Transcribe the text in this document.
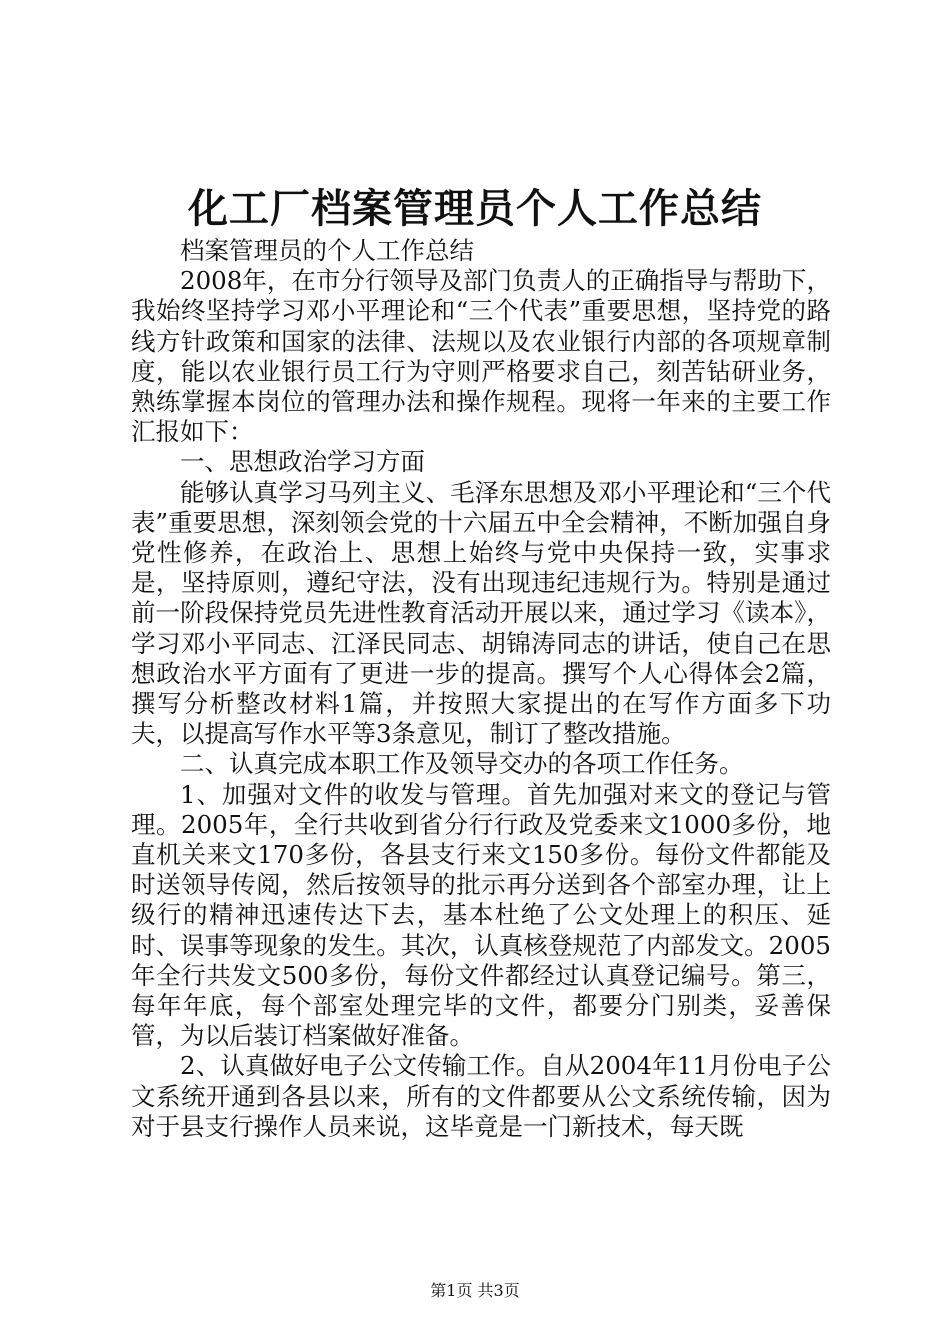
化工厂档案管理员个人工作总结

档案管理员的个人工作总结

2008年，在市分行领导及部门负责人的正确指导与帮助下，我始终坚持学习邓小平理论和“三个代表”重要思想，坚持党的路线方针政策和国家的法律、法规以及农业银行内部的各项规章制度，能以农业银行员工行为守则严格要求自己，刻苦钻研业务，熟练掌握本岗位的管理办法和操作规程。现将一年来的主要工作汇报如下：

一、思想政治学习方面

能够认真学习马列主义、毛泽东思想及邓小平理论和“三个代表”重要思想，深刻领会党的十六届五中全会精神，不断加强自身党性修养，在政治上、思想上始终与党中央保持一致，实事求是，坚持原则，遵纪守法，没有出现违纪违规行为。特别是通过前一阶段保持党员先进性教育活动开展以来，通过学习《读本》，学习邓小平同志、江泽民同志、胡锦涛同志的讲话，使自己在思想政治水平方面有了更进一步的提高。撰写个人心得体会2篇，撰写分析整改材料1篇，并按照大家提出的在写作方面多下功夫，以提高写作水平等3条意见，制订了整改措施。

二、认真完成本职工作及领导交办的各项工作任务。

1、加强对文件的收发与管理。首先加强对来文的登记与管理。2005年，全行共收到省分行行政及党委来文1000多份，地直机关来文170多份，各县支行来文150多份。每份文件都能及时送领导传阅，然后按领导的批示再分送到各个部室办理，让上级行的精神迅速传达下去，基本杜绝了公文处理上的积压、延时、误事等现象的发生。其次，认真核登规范了内部发文。2005年全行共发文500多份，每份文件都经过认真登记编号。第三，每年年底，每个部室处理完毕的文件，都要分门别类，妥善保管，为以后装订档案做好准备。

2、认真做好电子公文传输工作。自从2004年11月份电子公文系统开通到各县以来，所有的文件都要从公文系统传输，因为对于县支行操作人员来说，这毕竟是一门新技术，每天既

第1页 共3页
